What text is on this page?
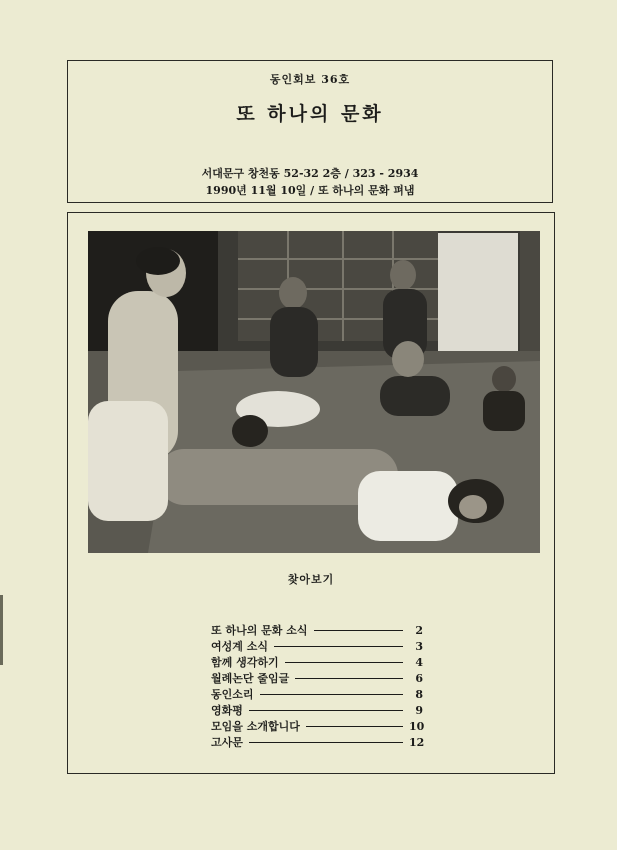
동인회보 36호
또 하나의 문화
서대문구 창천동 52-32 2층 / 323 - 2934
1990년 11월 10일 / 또 하나의 문화 펴냄
찾아보기
또 하나의 문화 소식	2
여성계 소식	3
함께 생각하기	4
월례논단 줄임글	6
동인소리	8
영화평	9
모임을 소개합니다	10
고사문	12
